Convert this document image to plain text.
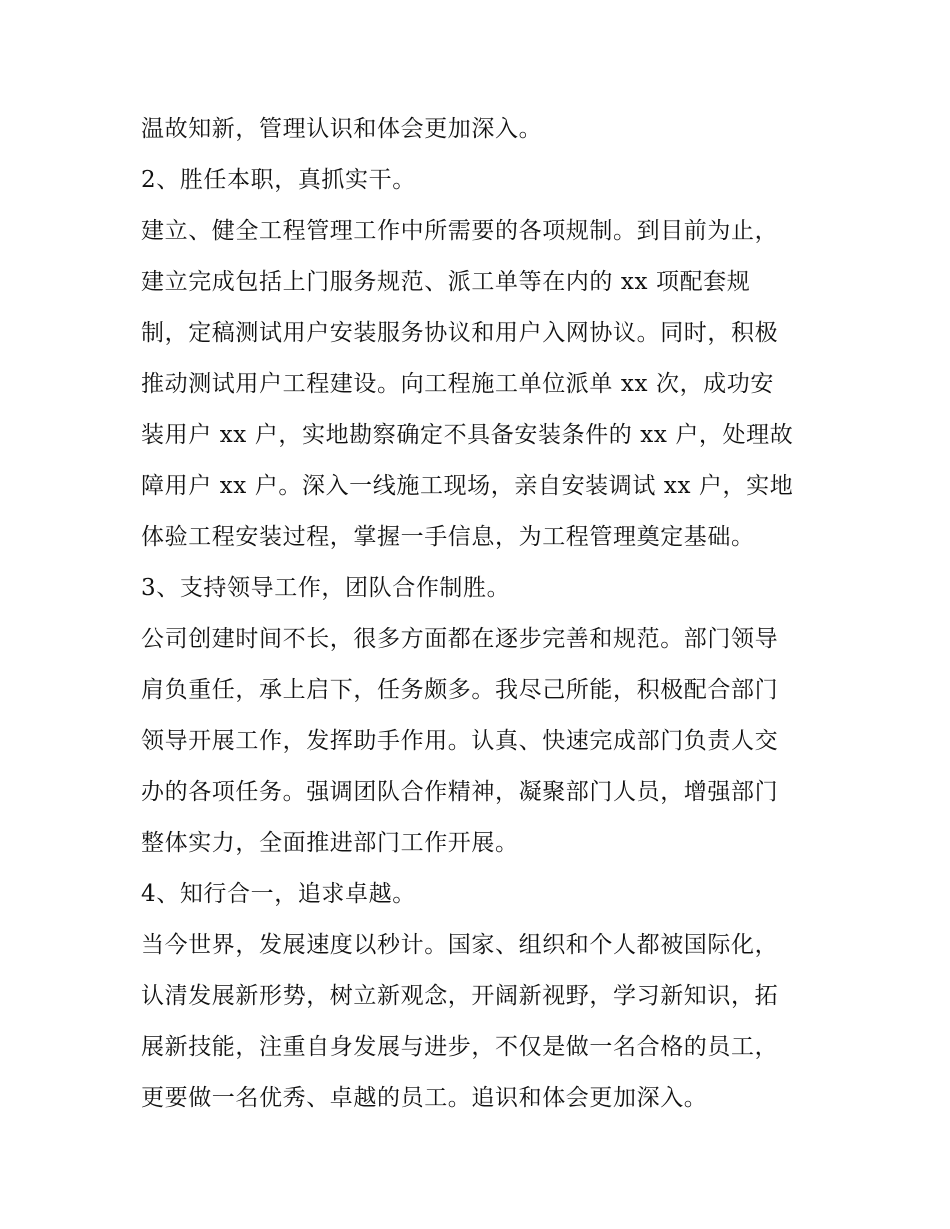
温故知新，管理认识和体会更加深入。
2、胜任本职，真抓实干。
建立、健全工程管理工作中所需要的各项规制。到目前为止，
建立完成包括上门服务规范、派工单等在内的 xx 项配套规
制，定稿测试用户安装服务协议和用户入网协议。同时，积极
推动测试用户工程建设。向工程施工单位派单 xx 次，成功安
装用户 xx 户，实地勘察确定不具备安装条件的 xx 户，处理故
障用户 xx 户。深入一线施工现场，亲自安装调试 xx 户，实地
体验工程安装过程，掌握一手信息，为工程管理奠定基础。
3、支持领导工作，团队合作制胜。
公司创建时间不长，很多方面都在逐步完善和规范。部门领导
肩负重任，承上启下，任务颇多。我尽己所能，积极配合部门
领导开展工作，发挥助手作用。认真、快速完成部门负责人交
办的各项任务。强调团队合作精神，凝聚部门人员，增强部门
整体实力，全面推进部门工作开展。
4、知行合一，追求卓越。
当今世界，发展速度以秒计。国家、组织和个人都被国际化，
认清发展新形势，树立新观念，开阔新视野，学习新知识，拓
展新技能，注重自身发展与进步，不仅是做一名合格的员工，
更要做一名优秀、卓越的员工。追识和体会更加深入。
